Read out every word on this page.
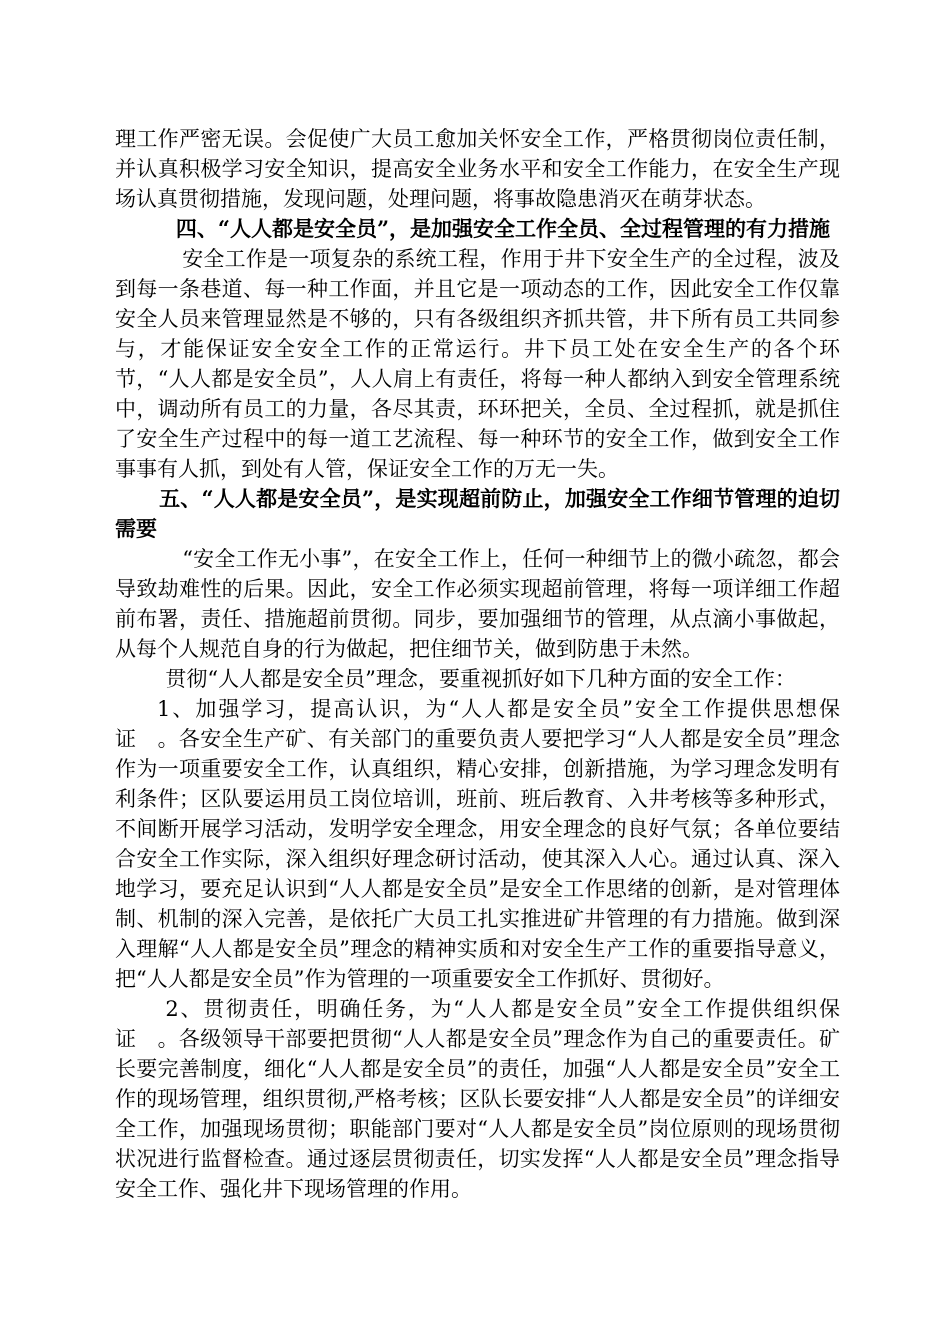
理工作严密无误。会促使广大员工愈加关怀安全工作，严格贯彻岗位责任制，并认真积极学习安全知识，提高安全业务水平和安全工作能力，在安全生产现场认真贯彻措施，发现问题，处理问题，将事故隐患消灭在萌芽状态。

四、“人人都是安全员”，是加强安全工作全员、全过程管理的有力措施

安全工作是一项复杂的系统工程，作用于井下安全生产的全过程，波及到每一条巷道、每一种工作面，并且它是一项动态的工作，因此安全工作仅靠安全人员来管理显然是不够的，只有各级组织齐抓共管，井下所有员工共同参与，才能保证安全安全工作的正常运行。井下员工处在安全生产的各个环节，“人人都是安全员”，人人肩上有责任，将每一种人都纳入到安全管理系统中，调动所有员工的力量，各尽其责，环环把关，全员、全过程抓，就是抓住了安全生产过程中的每一道工艺流程、每一种环节的安全工作，做到安全工作事事有人抓，到处有人管，保证安全工作的万无一失。

五、“人人都是安全员”，是实现超前防止，加强安全工作细节管理的迫切需要

“安全工作无小事”，在安全工作上，任何一种细节上的微小疏忽，都会导致劫难性的后果。因此，安全工作必须实现超前管理，将每一项详细工作超前布署，责任、措施超前贯彻。同步，要加强细节的管理，从点滴小事做起，从每个人规范自身的行为做起，把住细节关，做到防患于未然。

贯彻“人人都是安全员”理念，要重视抓好如下几种方面的安全工作：

1、加强学习，提高认识，为“人人都是安全员”安全工作提供思想保证　。各安全生产矿、有关部门的重要负责人要把学习“人人都是安全员”理念作为一项重要安全工作，认真组织，精心安排，创新措施，为学习理念发明有利条件；区队要运用员工岗位培训，班前、班后教育、入井考核等多种形式，不间断开展学习活动，发明学安全理念，用安全理念的良好气氛；各单位要结合安全工作实际，深入组织好理念研讨活动，使其深入人心。通过认真、深入地学习，要充足认识到“人人都是安全员”是安全工作思绪的创新，是对管理体制、机制的深入完善，是依托广大员工扎实推进矿井管理的有力措施。做到深入理解“人人都是安全员”理念的精神实质和对安全生产工作的重要指导意义，把“人人都是安全员”作为管理的一项重要安全工作抓好、贯彻好。

2、贯彻责任，明确任务，为“人人都是安全员”安全工作提供组织保证　。各级领导干部要把贯彻“人人都是安全员”理念作为自己的重要责任。矿长要完善制度，细化“人人都是安全员”的责任，加强“人人都是安全员”安全工作的现场管理，组织贯彻,严格考核；区队长要安排“人人都是安全员”的详细安全工作，加强现场贯彻；职能部门要对“人人都是安全员”岗位原则的现场贯彻状况进行监督检查。通过逐层贯彻责任，切实发挥“人人都是安全员”理念指导安全工作、强化井下现场管理的作用。
